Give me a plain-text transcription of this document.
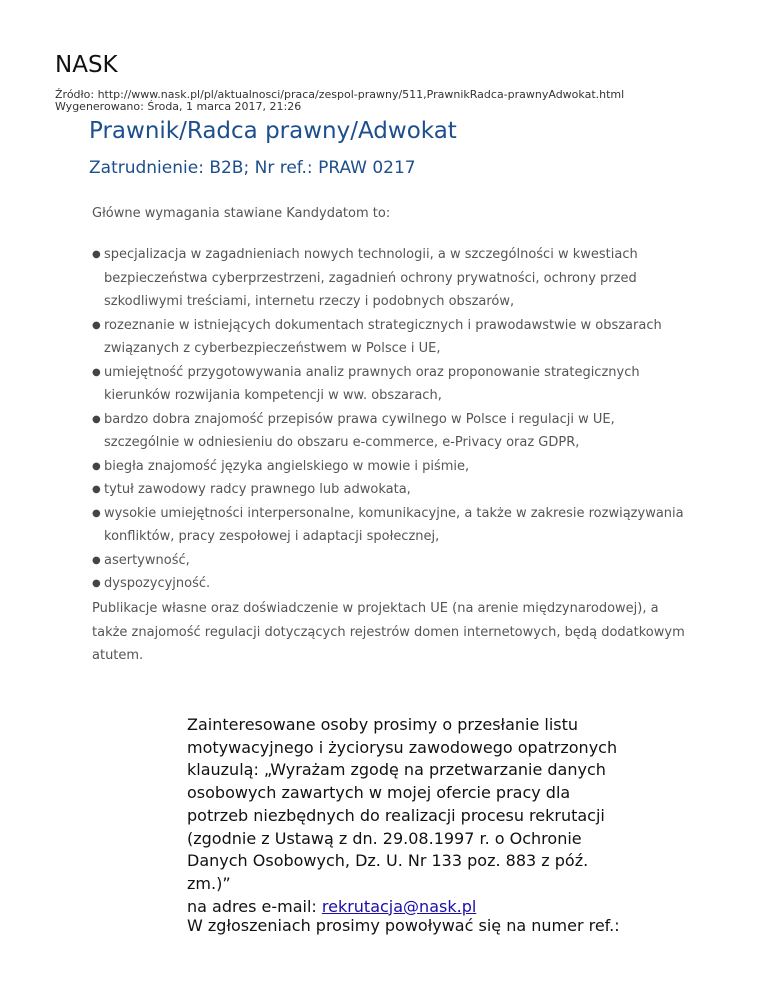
NASK
Źródło: http://www.nask.pl/pl/aktualnosci/praca/zespol-prawny/511,PrawnikRadca-prawnyAdwokat.html
Wygenerowano: Środa, 1 marca 2017, 21:26
Prawnik/Radca prawny/Adwokat
Zatrudnienie: B2B; Nr ref.: PRAW 0217

Główne wymagania stawiane Kandydatom to:

● specjalizacja w zagadnieniach nowych technologii, a w szczególności w kwestiach bezpieczeństwa cyberprzestrzeni, zagadnień ochrony prywatności, ochrony przed szkodliwymi treściami, internetu rzeczy i podobnych obszarów,
● rozeznanie w istniejących dokumentach strategicznych i prawodawstwie w obszarach związanych z cyberbezpieczeństwem w Polsce i UE,
● umiejętność przygotowywania analiz prawnych oraz proponowanie strategicznych kierunków rozwijania kompetencji w ww. obszarach,
● bardzo dobra znajomość przepisów prawa cywilnego w Polsce i regulacji w UE, szczególnie w odniesieniu do obszaru e-commerce, e-Privacy oraz GDPR,
● biegła znajomość języka angielskiego w mowie i piśmie,
● tytuł zawodowy radcy prawnego lub adwokata,
● wysokie umiejętności interpersonalne, komunikacyjne, a także w zakresie rozwiązywania konfliktów, pracy zespołowej i adaptacji społecznej,
● asertywność,
● dyspozycyjność.

Publikacje własne oraz doświadczenie w projektach UE (na arenie międzynarodowej), a także znajomość regulacji dotyczących rejestrów domen internetowych, będą dodatkowym atutem.

Zainteresowane osoby prosimy o przesłanie listu motywacyjnego i życiorysu zawodowego opatrzonych klauzulą: „Wyrażam zgodę na przetwarzanie danych osobowych zawartych w mojej ofercie pracy dla potrzeb niezbędnych do realizacji procesu rekrutacji (zgodnie z Ustawą z dn. 29.08.1997 r. o Ochronie Danych Osobowych, Dz. U. Nr 133 poz. 883 z póź. zm.)”
na adres e-mail: rekrutacja@nask.pl

W zgłoszeniach prosimy powoływać się na numer ref.:
